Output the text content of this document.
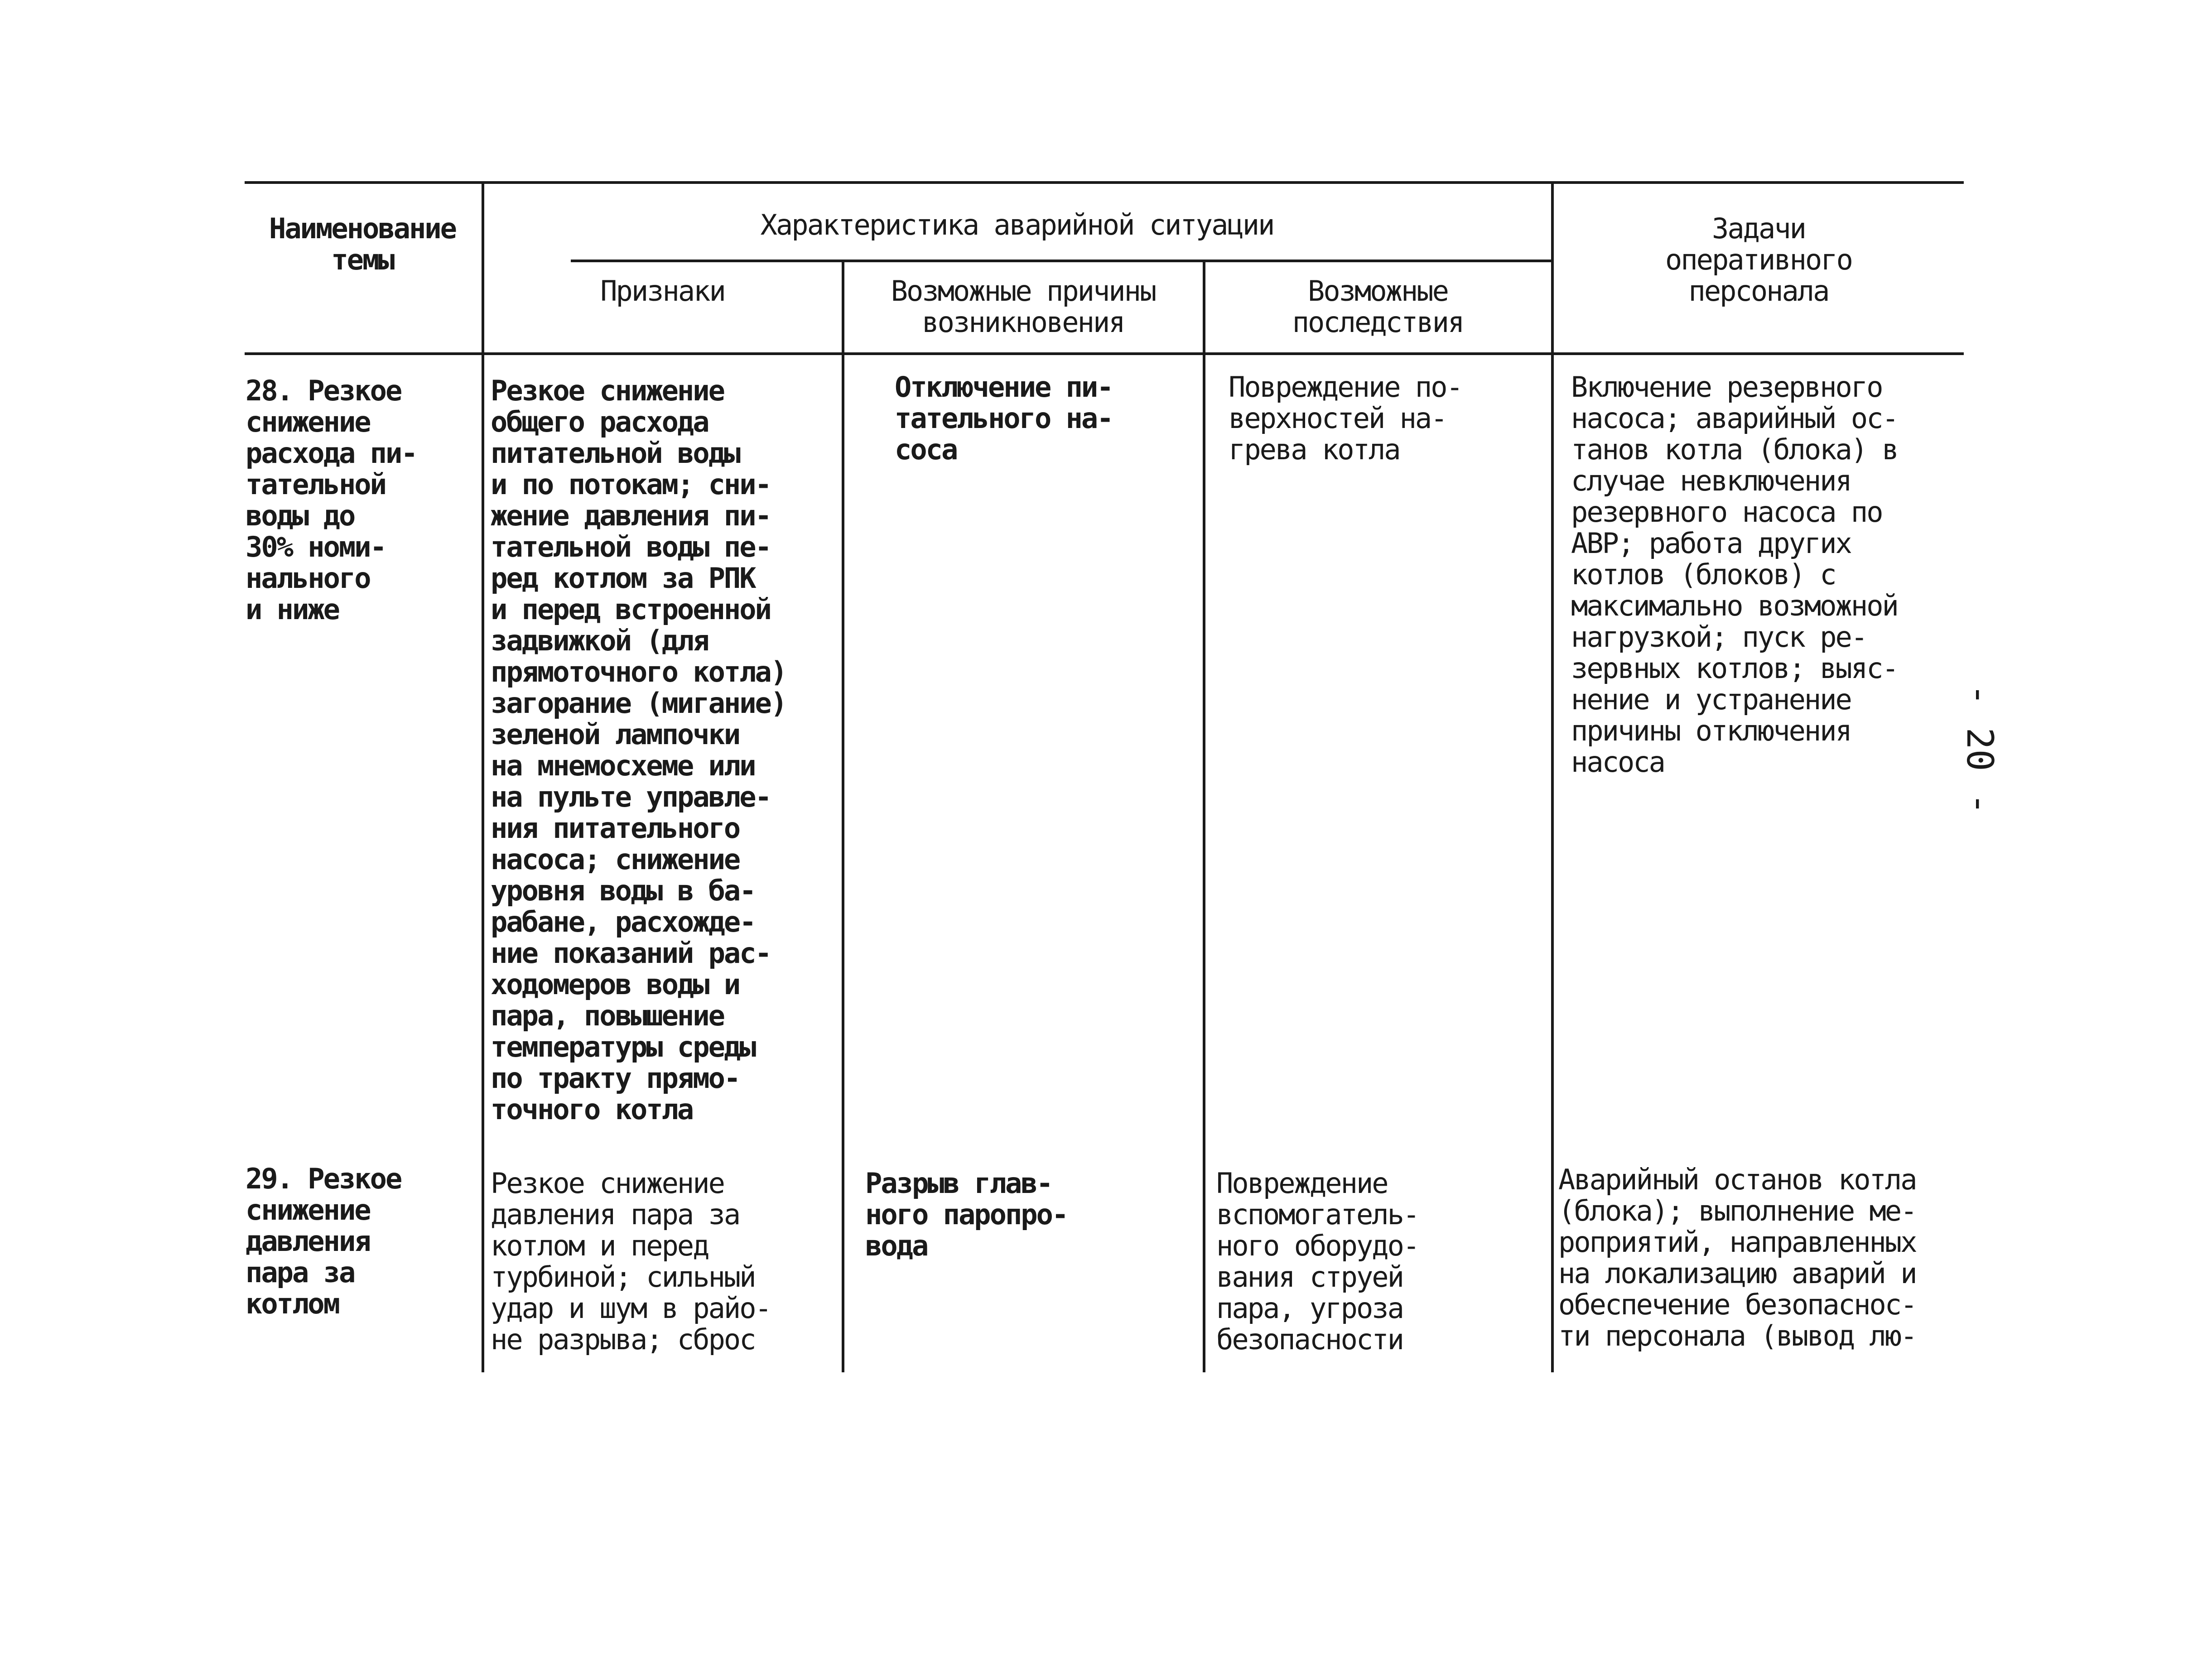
Наименование
темы
Характеристика аварийной ситуации
Признаки	Возможные причины
возникновения
Возможные
последствия
Задачи
оперативного
персонала
28. Резкое
снижение
расхода пи-
тательной
воды до
30% номи-
нального
и ниже
Резкое снижение
общего расхода
питательной воды
и по потокам; сни-
жение давления пи-
тательной воды пе-
ред котлом за РПК
и перед встроенной
задвижкой (для
прямоточного котла)
загорание (мигание)
зеленой лампочки
на мнемосхеме или
на пульте управле-
ния питательного
насоса; снижение
уровня воды в ба-
рабане, расхожде-
ние показаний рас-
ходомеров воды и
пара, повышение
температуры среды
по тракту прямо-
точного котла
Отключение пи-
тательного на-
соса
Повреждение по-
верхностей на-
грева котла
Включение резервного
насоса; аварийный ос-
танов котла (блока) в
случае невключения
резервного насоса по
АВР; работа других
котлов (блоков) с
максимально возможной
нагрузкой; пуск ре-
зервных котлов; выяс-
нение и устранение
причины отключения
насоса
29. Резкое
снижение
давления
пара за
котлом
Резкое снижение
давления пара за
котлом и перед
турбиной; сильный
удар и шум в райо-
не разрыва; сброс
Разрыв глав-
ного паропро-
вода
Повреждение
вспомогатель-
ного оборудо-
вания струей
пара, угроза
безопасности
Аварийный останов котла
(блока); выполнение ме-
роприятий, направленных
на локализацию аварий и
обеспечение безопаснос-
ти персонала (вывод лю-
- 20 -
